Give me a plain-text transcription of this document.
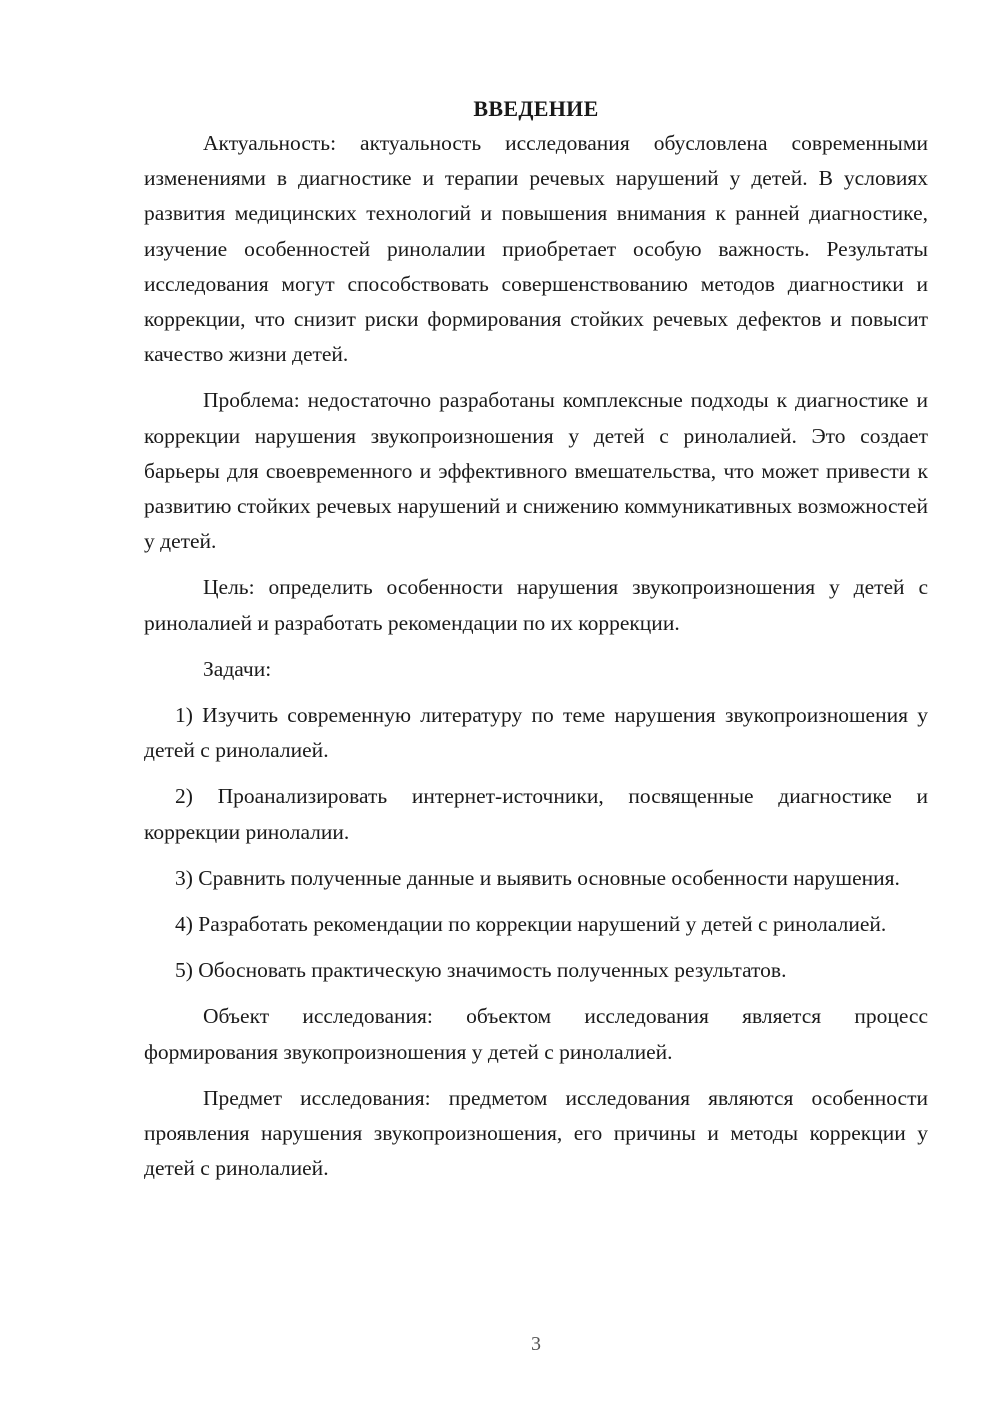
ВВЕДЕНИЕ

Актуальность: актуальность исследования обусловлена современными изменениями в диагностике и терапии речевых нарушений у детей. В условиях развития медицинских технологий и повышения внимания к ранней диагностике, изучение особенностей ринолалии приобретает особую важность. Результаты исследования могут способствовать совершенствованию методов диагностики и коррекции, что снизит риски формирования стойких речевых дефектов и повысит качество жизни детей.

Проблема: недостаточно разработаны комплексные подходы к диагностике и коррекции нарушения звукопроизношения у детей с ринолалией. Это создает барьеры для своевременного и эффективного вмешательства, что может привести к развитию стойких речевых нарушений и снижению коммуникативных возможностей у детей.

Цель: определить особенности нарушения звукопроизношения у детей с ринолалией и разработать рекомендации по их коррекции.

Задачи:

1) Изучить современную литературу по теме нарушения звукопроизношения у детей с ринолалией.

2) Проанализировать интернет-источники, посвященные диагностике и коррекции ринолалии.

3) Сравнить полученные данные и выявить основные особенности нарушения.

4) Разработать рекомендации по коррекции нарушений у детей с ринолалией.

5) Обосновать практическую значимость полученных результатов.

Объект исследования: объектом исследования является процесс формирования звукопроизношения у детей с ринолалией.

Предмет исследования: предметом исследования являются особенности проявления нарушения звукопроизношения, его причины и методы коррекции у детей с ринолалией.

3
